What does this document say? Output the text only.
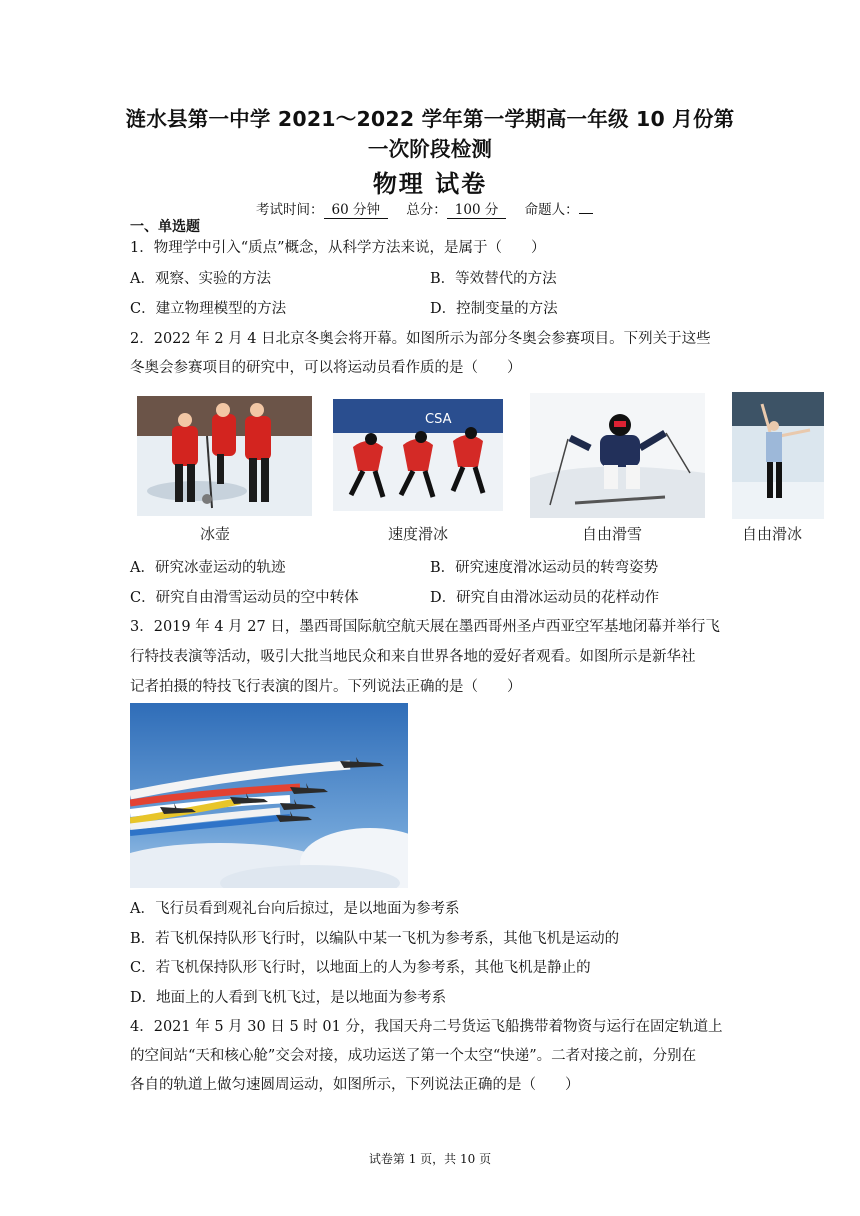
涟水县第一中学 2021～2022 学年第一学期高一年级 10 月份第一次阶段检测
物理 试卷
考试时间： 60 分钟 总分： 100 分 命题人：
一、单选题
1．物理学中引入“质点”概念，从科学方法来说，是属于（　　）
A．观察、实验的方法	B．等效替代的方法
C．建立物理模型的方法	D．控制变量的方法
2．2022 年 2 月 4 日北京冬奥会将开幕。如图所示为部分冬奥会参赛项目。下列关于这些
冬奥会参赛项目的研究中，可以将运动员看作质的是（　　）
CSA
冰壶	速度滑冰	自由滑雪	自由滑冰
A．研究冰壶运动的轨迹	B．研究速度滑冰运动员的转弯姿势
C．研究自由滑雪运动员的空中转体	D．研究自由滑冰运动员的花样动作
3．2019 年 4 月 27 日，墨西哥国际航空航天展在墨西哥州圣卢西亚空军基地闭幕并举行飞
行特技表演等活动，吸引大批当地民众和来自世界各地的爱好者观看。如图所示是新华社
记者拍摄的特技飞行表演的图片。下列说法正确的是（　　）
A．飞行员看到观礼台向后掠过，是以地面为参考系
B．若飞机保持队形飞行时，以编队中某一飞机为参考系，其他飞机是运动的
C．若飞机保持队形飞行时，以地面上的人为参考系，其他飞机是静止的
D．地面上的人看到飞机飞过，是以地面为参考系
4．2021 年 5 月 30 日 5 时 01 分，我国天舟二号货运飞船携带着物资与运行在固定轨道上
的空间站“天和核心舱”交会对接，成功运送了第一个太空“快递”。二者对接之前，分别在
各自的轨道上做匀速圆周运动，如图所示，下列说法正确的是（　　）
试卷第 1 页，共 10 页
